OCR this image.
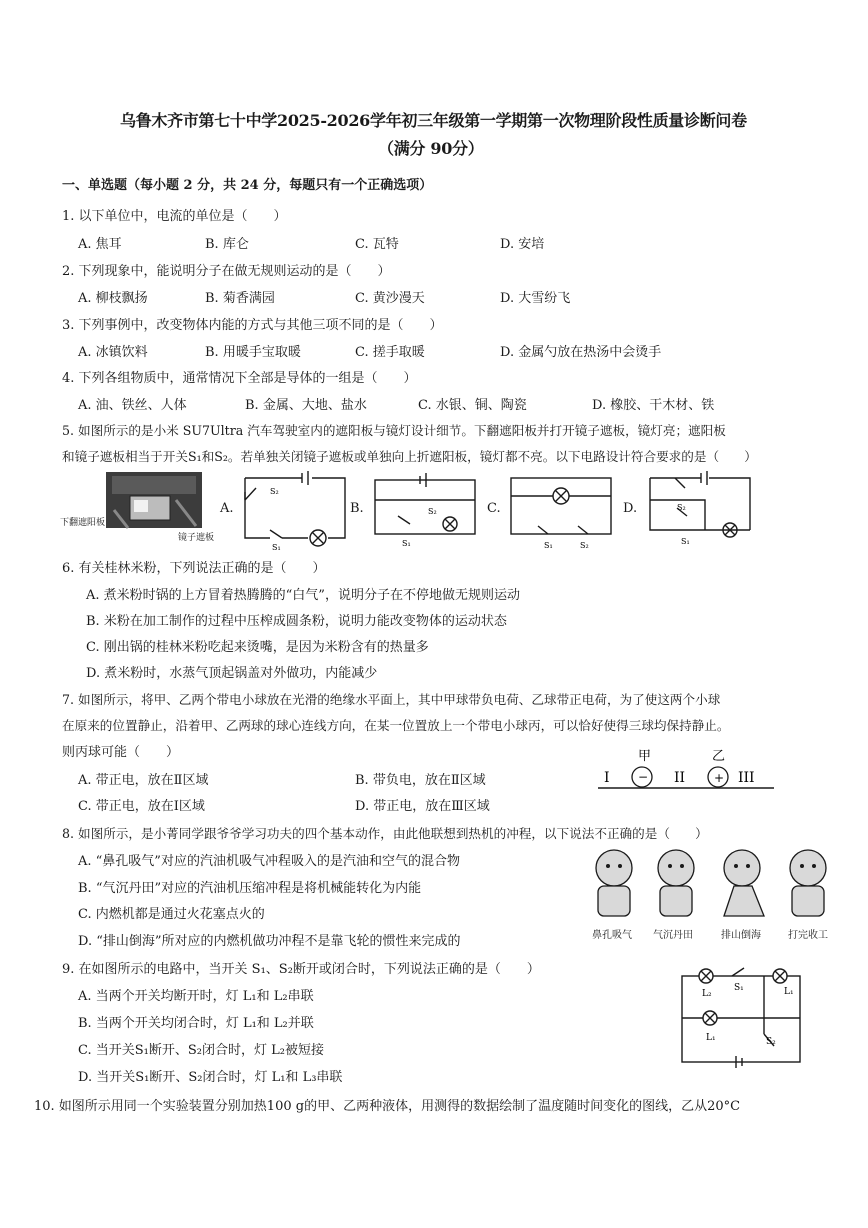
乌鲁木齐市第七十中学2025-2026学年初三年级第一学期第一次物理阶段性质量诊断问卷
（满分 90分）
一、单选题（每小题 2 分，共 24 分，每题只有一个正确选项）
1. 以下单位中，电流的单位是（　　）
A. 焦耳	B. 库仑	C. 瓦特	D. 安培
2. 下列现象中，能说明分子在做无规则运动的是（　　）
A. 柳枝飘扬	B. 菊香满园	C. 黄沙漫天	D. 大雪纷飞
3. 下列事例中，改变物体内能的方式与其他三项不同的是（　　）
A. 冰镇饮料	B. 用暖手宝取暖	C. 搓手取暖	D. 金属勺放在热汤中会烫手
4. 下列各组物质中，通常情况下全部是导体的一组是（　　）
A. 油、铁丝、人体	B. 金属、大地、盐水	C. 水银、铜、陶瓷	D. 橡胶、干木材、铁
5. 如图所示的是小米 SU7Ultra 汽车驾驶室内的遮阳板与镜灯设计细节。下翻遮阳板并打开镜子遮板，镜灯亮；遮阳板
和镜子遮板相当于开关S₁和S₂。若单独关闭镜子遮板或单独向上折遮阳板，镜灯都不亮。以下电路设计符合要求的是（　　）
下翻遮阳板
镜子遮板
A.
S₂
S₁
B.	S₂
S₁
C.
S₁	S₂
D.	S₂
S₁
6. 有关桂林米粉，下列说法正确的是（　　）
A. 煮米粉时锅的上方冒着热腾腾的“白气”，说明分子在不停地做无规则运动
B. 米粉在加工制作的过程中压榨成圆条粉，说明力能改变物体的运动状态
C. 刚出锅的桂林米粉吃起来烫嘴，是因为米粉含有的热量多
D. 煮米粉时，水蒸气顶起锅盖对外做功，内能减少
7. 如图所示，将甲、乙两个带电小球放在光滑的绝缘水平面上，其中甲球带负电荷、乙球带正电荷，为了使这两个小球
在原来的位置静止，沿着甲、乙两球的球心连线方向，在某一位置放上一个带电小球丙，可以恰好使得三球均保持静止。
则丙球可能（　　）
A. 带正电，放在Ⅱ区域	B. 带负电，放在Ⅱ区域
C. 带正电，放在Ⅰ区域	D. 带正电，放在Ⅲ区域
甲	乙
−	+
I	II	III
8. 如图所示，是小菁同学跟爷爷学习功夫的四个基本动作，由此他联想到热机的冲程，以下说法不正确的是（　　）
A. “鼻孔吸气”对应的汽油机吸气冲程吸入的是汽油和空气的混合物
B. “气沉丹田”对应的汽油机压缩冲程是将机械能转化为内能
C. 内燃机都是通过火花塞点火的
D. “排山倒海”所对应的内燃机做功冲程不是靠飞轮的惯性来完成的	鼻孔吸气 气沉丹田	排山倒海	打完收工
9. 在如图所示的电路中，当开关 S₁、S₂断开或闭合时，下列说法正确的是（　　）
A. 当两个开关均断开时，灯 L₁和 L₂串联
B. 当两个开关均闭合时，灯 L₁和 L₂并联
C. 当开关S₁断开、S₂闭合时，灯 L₂被短接
D. 当开关S₁断开、S₂闭合时，灯 L₁和 L₃串联
L₂
S₁	L₁
L₁	S₂
10. 如图所示用同一个实验装置分别加热100 g的甲、乙两种液体，用测得的数据绘制了温度随时间变化的图线，乙从20°C
